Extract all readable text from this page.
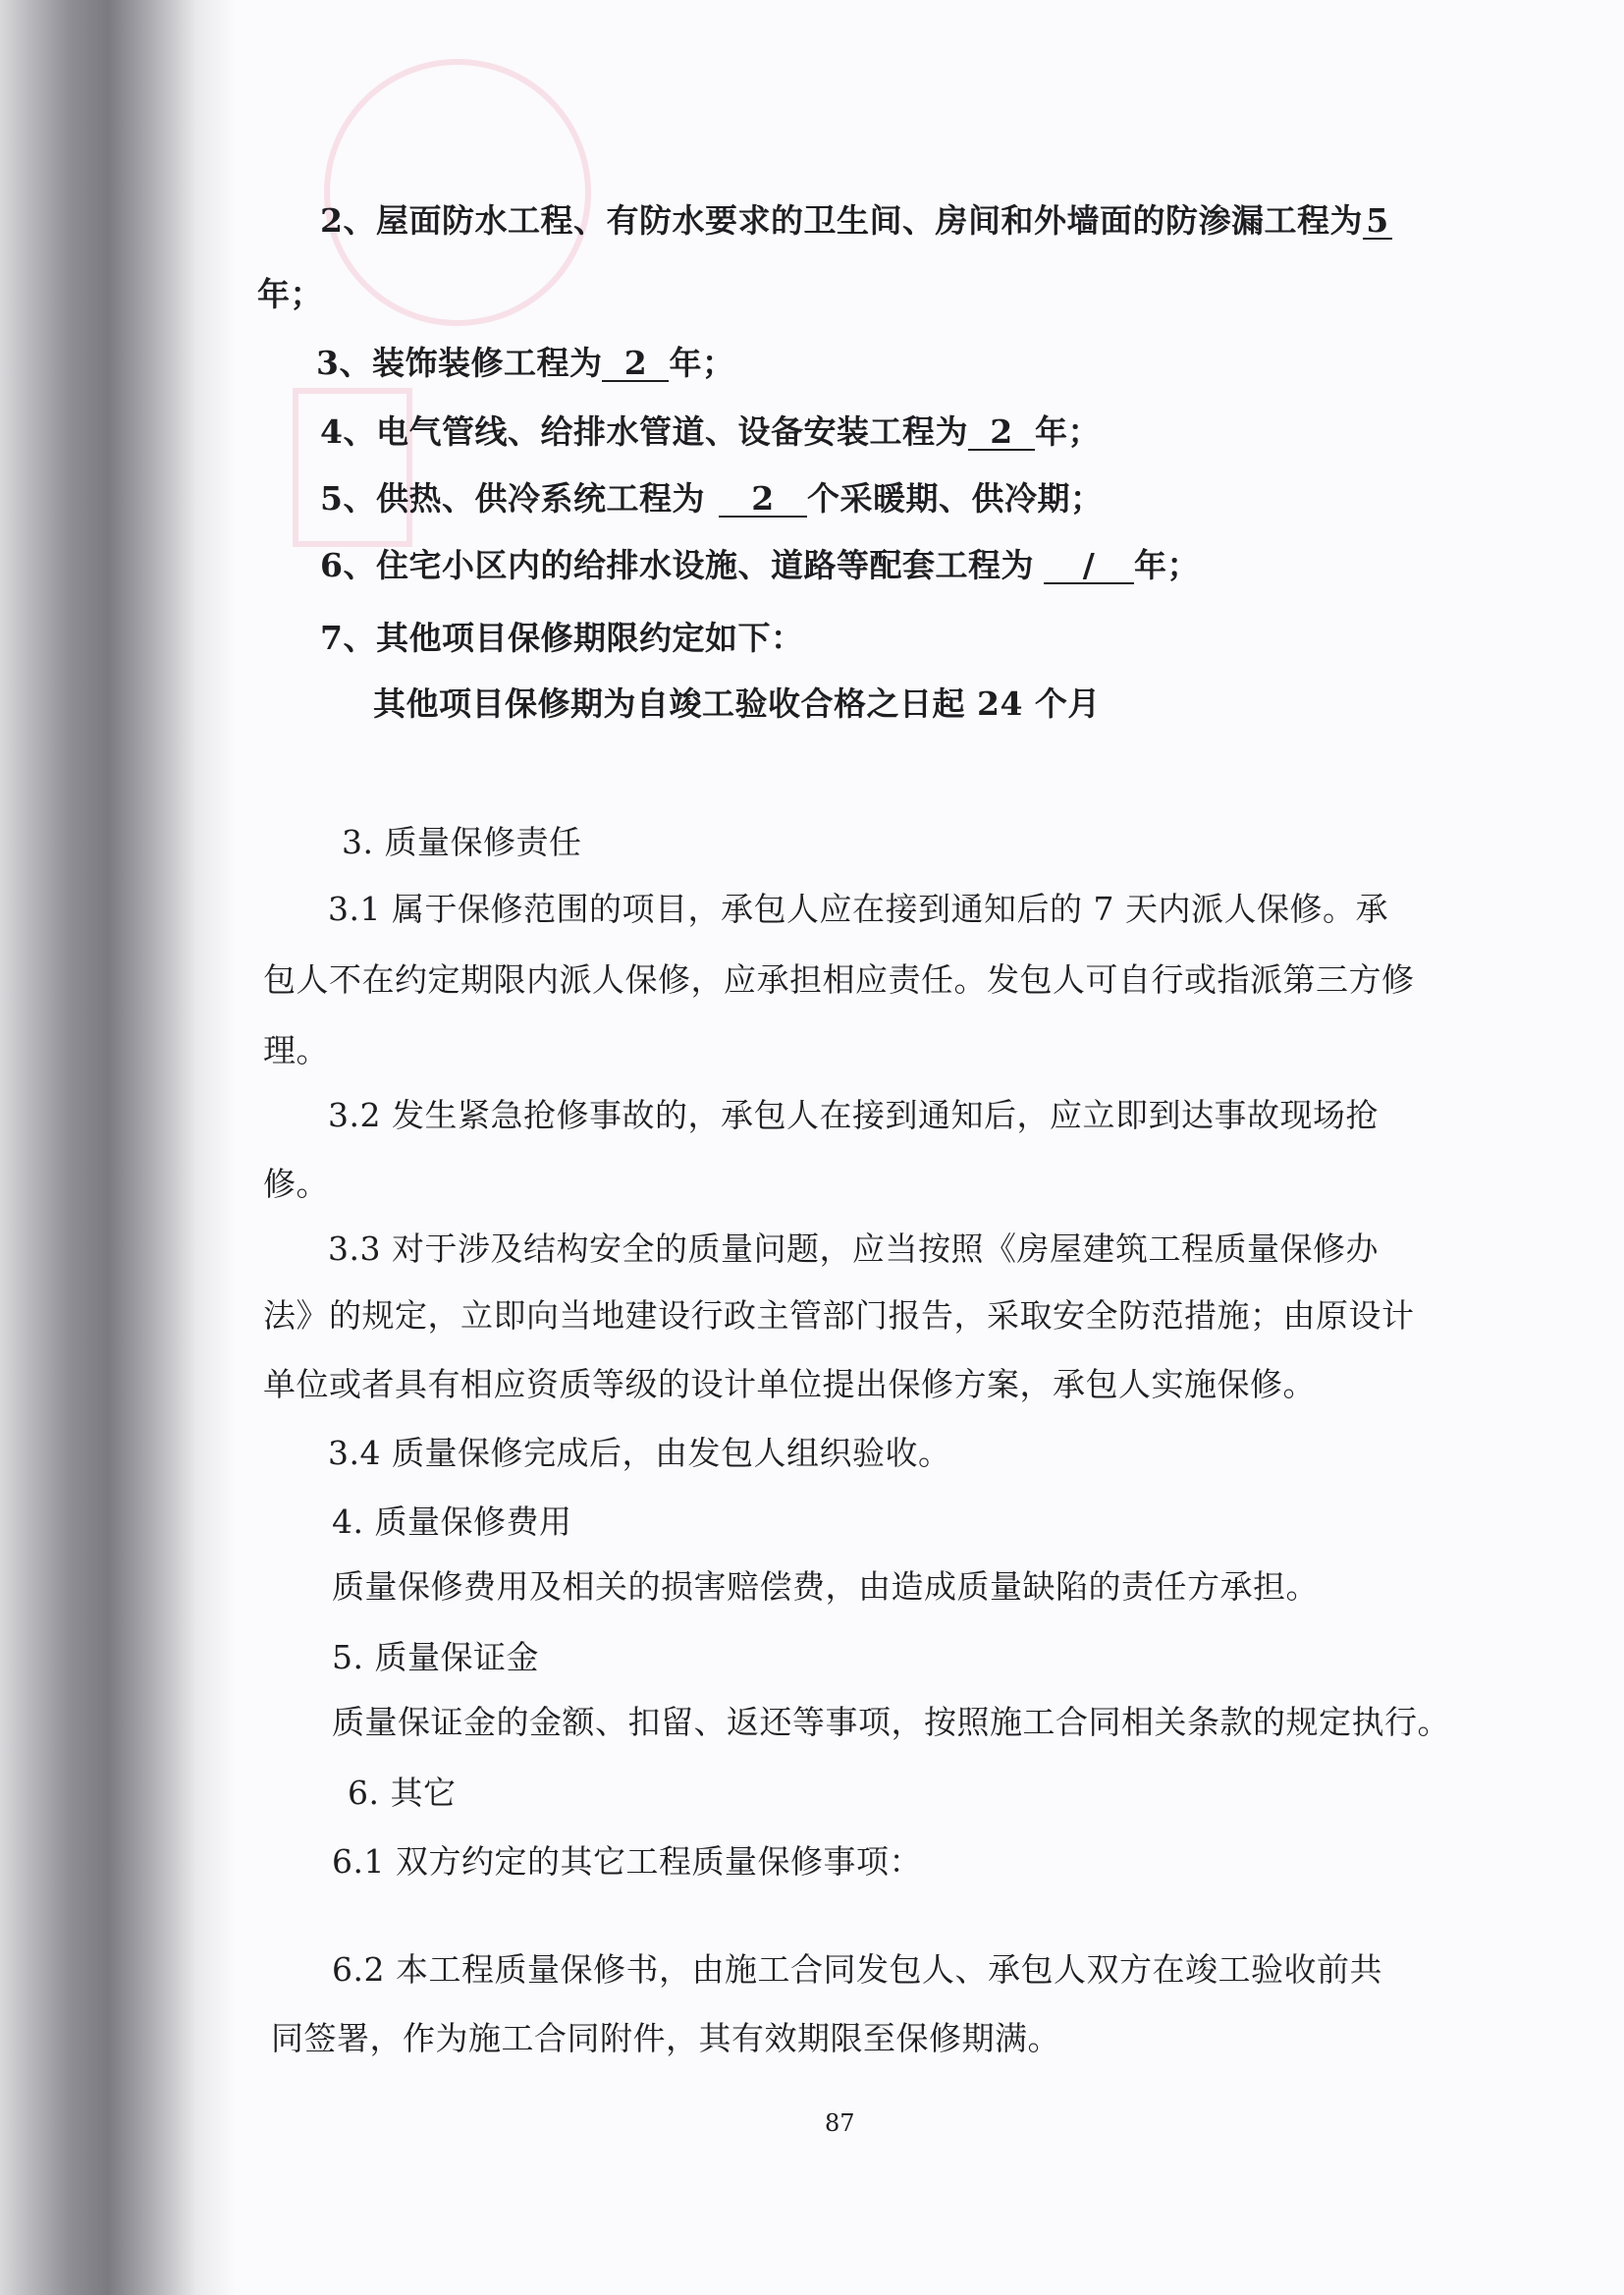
2、屋面防水工程、有防水要求的卫生间、房间和外墙面的防渗漏工程为5
年；
3、装饰装修工程为 2 年；
4、电气管线、给排水管道、设备安装工程为 2 年；
5、供热、供冷系统工程为 2 个采暖期、供冷期；
6、住宅小区内的给排水设施、道路等配套工程为 / 年；
7、其他项目保修期限约定如下：
其他项目保修期为自竣工验收合格之日起 24 个月
3. 质量保修责任
3.1 属于保修范围的项目，承包人应在接到通知后的 7 天内派人保修。承
包人不在约定期限内派人保修，应承担相应责任。发包人可自行或指派第三方修
理。
3.2 发生紧急抢修事故的，承包人在接到通知后，应立即到达事故现场抢
修。
3.3 对于涉及结构安全的质量问题，应当按照《房屋建筑工程质量保修办
法》的规定，立即向当地建设行政主管部门报告，采取安全防范措施；由原设计
单位或者具有相应资质等级的设计单位提出保修方案，承包人实施保修。
3.4 质量保修完成后，由发包人组织验收。
4. 质量保修费用
质量保修费用及相关的损害赔偿费，由造成质量缺陷的责任方承担。
5. 质量保证金
质量保证金的金额、扣留、返还等事项，按照施工合同相关条款的规定执行。
6. 其它
6.1 双方约定的其它工程质量保修事项：
6.2 本工程质量保修书，由施工合同发包人、承包人双方在竣工验收前共
同签署，作为施工合同附件，其有效期限至保修期满。
87
